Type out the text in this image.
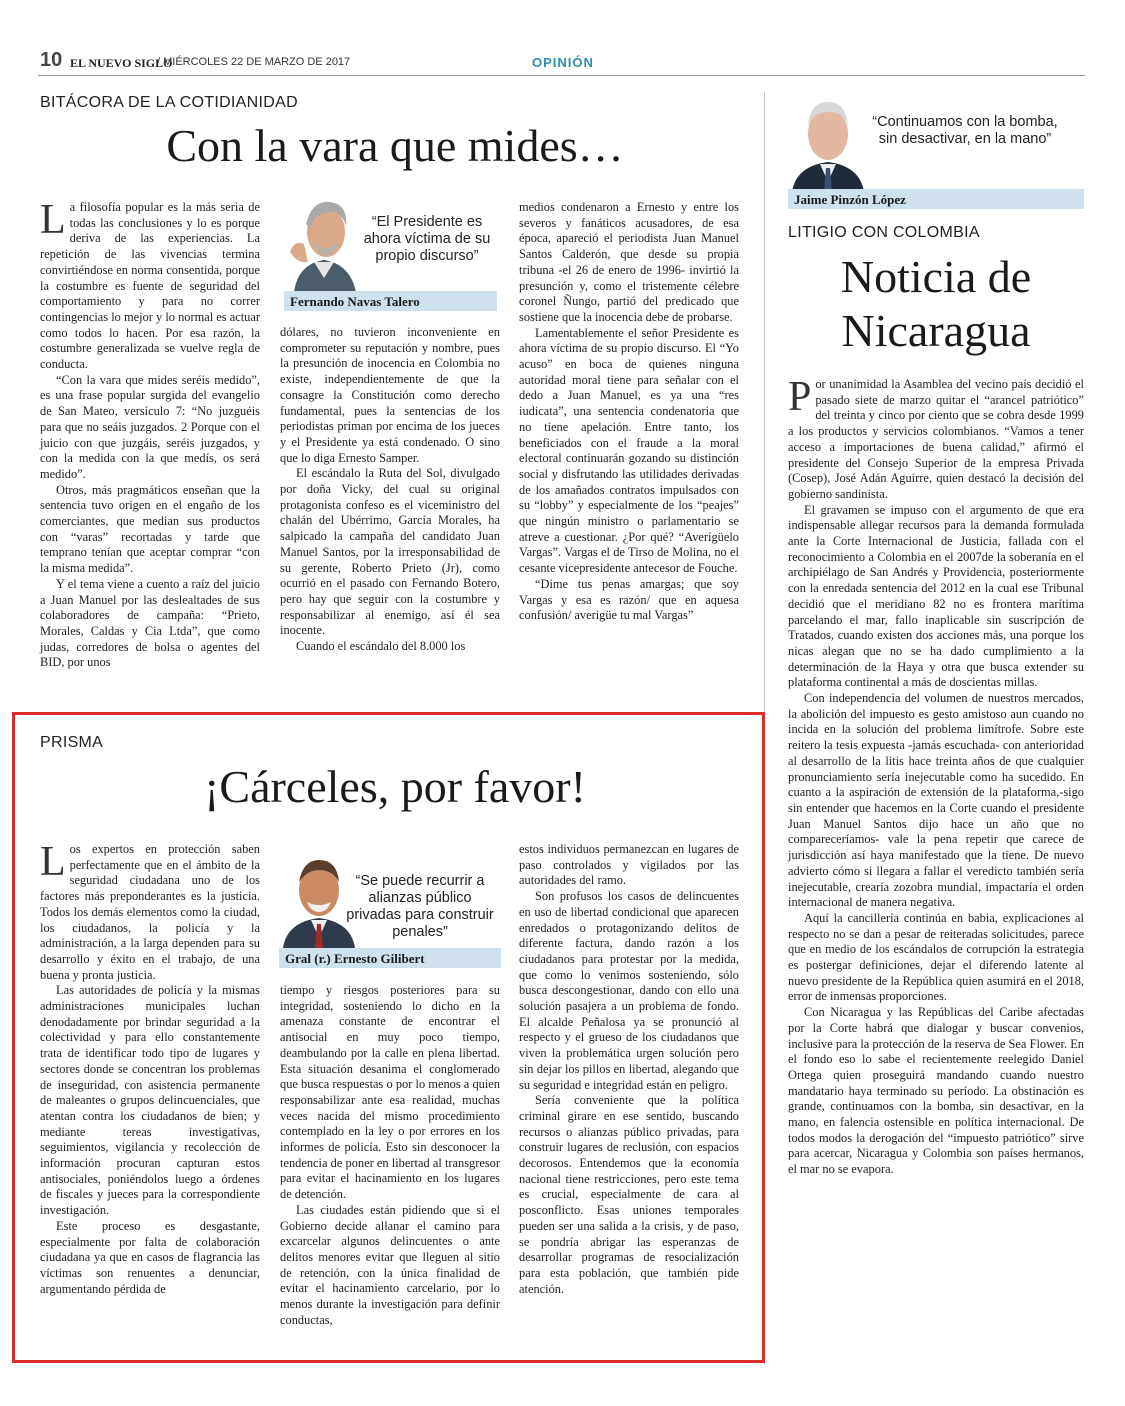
10 EL NUEVO SIGLO
/ MIÉRCOLES 22 DE MARZO DE 2017	OPINIÓN
BITÁCORA DE LA COTIDIANIDAD
Con la vara que mides…

La filosofía popular es la más seria de todas las conclusiones y lo es porque deriva de las experiencias. La repetición de las vivencias termina convirtiéndose en norma consentida, porque la costumbre es fuente de seguridad del comportamiento y para no correr contingencias lo mejor y lo normal es actuar como todos lo hacen. Por esa razón, la costumbre generalizada se vuelve regla de conducta.

“Con la vara que mides seréis medido”, es una frase popular surgida del evangelio de San Mateo, versículo 7: “No juzguéis para que no seáis juzgados. 2 Porque con el juicio con que juzgáis, seréis juzgados, y con la medida con la que medís, os será medido”.

Otros, más pragmáticos enseñan que la sentencia tuvo origen en el engaño de los comerciantes, que median sus productos con “varas” recortadas y tarde que temprano tenían que aceptar comprar “con la misma medida”.

Y el tema viene a cuento a raíz del juicio a Juan Manuel por las deslealtades de sus colaboradores de campaña: “Prieto, Morales, Caldas y Cia Ltda”, que como judas, corredores de bolsa o agentes del BID, por unos

“El Presidente es ahora víctima de su propio discurso”
Fernando Navas Talero

dólares, no tuvieron inconveniente en comprometer su reputación y nombre, pues la presunción de inocencia en Colombia no existe, independientemente de que la consagre la Constitución como derecho fundamental, pues la sentencias de los periodistas priman por encima de los jueces y el Presidente ya está condenado. O sino que lo diga Ernesto Samper.

El escándalo la Ruta del Sol, divulgado por doña Vicky, del cual su original protagonista confeso es el viceministro del chalán del Ubérrimo, García Morales, ha salpicado la campaña del candidato Juan Manuel Santos, por la irresponsabilidad de su gerente, Roberto Prieto (Jr), como ocurrió en el pasado con Fernando Botero, pero hay que seguir con la costumbre y responsabilizar al enemigo, así él sea inocente.

Cuando el escándalo del 8.000 los

medios condenaron a Ernesto y entre los severos y fanáticos acusadores, de esa época, apareció el periodista Juan Manuel Santos Calderón, que desde su propia tribuna -el 26 de enero de 1996- invirtió la presunción y, como el tristemente célebre coronel Ñungo, partió del predicado que sostiene que la inocencia debe de probarse.

Lamentablemente el señor Presidente es ahora víctima de su propio discurso. El “Yo acuso” en boca de quienes ninguna autoridad moral tiene para señalar con el dedo a Juan Manuel, es ya una “res iudicata”, una sentencia condenatoria que no tiene apelación. Entre tanto, los beneficiados con el fraude a la moral electoral continuarán gozando su distinción social y disfrutando las utilidades derivadas de los amañados contratos impulsados con su “lobby” y especialmente de los “peajes” que ningún ministro o parlamentario se atreve a cuestionar. ¿Por qué? “Averígüelo Vargas”. Vargas el de Tirso de Molina, no el cesante vicepresidente antecesor de Fouche.

“Dime tus penas amargas; que soy Vargas y esa es razón/ que en aquesa confusión/ averigüe tu mal Vargas”

PRISMA
¡Cárceles, por favor!

Los expertos en protección saben perfectamente que en el ámbito de la seguridad ciudadana uno de los factores más preponderantes es la justicia. Todos los demás elementos como la ciudad, los ciudadanos, la policía y la administración, a la larga dependen para su desarrollo y éxito en el trabajo, de una buena y pronta justicia.

Las autoridades de policía y la mismas administraciones municipales luchan denodadamente por brindar seguridad a la colectividad y para ello constantemente trata de identificar todo tipo de lugares y sectores donde se concentran los problemas de inseguridad, con asistencia permanente de maleantes o grupos delincuenciales, que atentan contra los ciudadanos de bien; y mediante tereas investigativas, seguimientos, vigilancia y recolección de información procuran capturan estos antisociales, poniéndolos luego a órdenes de fiscales y jueces para la correspondiente investigación.

Este proceso es desgastante, especialmente por falta de colaboración ciudadana ya que en casos de flagrancia las víctimas son renuentes a denunciar, argumentando pérdida de

“Se puede recurrir a alianzas público privadas para construir penales”
Gral (r.) Ernesto Gilibert

tiempo y riesgos posteriores para su integridad, sosteniendo lo dicho en la amenaza constante de encontrar el antisocial en muy poco tiempo, deambulando por la calle en plena libertad. Esta situación desanima el conglomerado que busca respuestas o por lo menos a quien responsabilizar ante esa realidad, muchas veces nacida del mismo procedimiento contemplado en la ley o por errores en los informes de policía. Esto sin desconocer la tendencia de poner en libertad al transgresor para evitar el hacinamiento en los lugares de detención.

Las ciudades están pidiendo que si el Gobierno decide allanar el camino para excarcelar algunos delincuentes o ante delitos menores evitar que lleguen al sitio de retención, con la única finalidad de evitar el hacinamiento carcelario, por lo menos durante la investigación para definir conductas,

estos individuos permanezcan en lugares de paso controlados y vigilados por las autoridades del ramo.

Son profusos los casos de delincuentes en uso de libertad condicional que aparecen enredados o protagonizando delitos de diferente factura, dando razón a los ciudadanos para protestar por la medida, que como lo venimos sosteniendo, sólo busca descongestionar, dando con ello una solución pasajera a un problema de fondo. El alcalde Peñalosa ya se pronunció al respecto y el grueso de los ciudadanos que viven la problemática urgen solución pero sin dejar los pillos en libertad, alegando que su seguridad e integridad están en peligro.

Sería conveniente que la política criminal girare en ese sentido, buscando recursos o alianzas público privadas, para construir lugares de reclusión, con espacios decorosos. Entendemos que la economía nacional tiene restricciones, pero este tema es crucial, especialmente de cara al posconflicto. Esas uniones temporales pueden ser una salida a la crisis, y de paso, se pondría abrigar las esperanzas de desarrollar programas de resocialización para esta población, que también pide atención.

“Continuamos con la bomba, sin desactivar, en la mano”
Jaime Pinzón López
LITIGIO CON COLOMBIA
Noticia de
Nicaragua

Por unanimidad la Asamblea del vecino país decidió el pasado siete de marzo quitar el “arancel patriótico” del treinta y cinco por ciento que se cobra desde 1999 a los productos y servicios colombianos. “Vamos a tener acceso a importaciones de buena calidad,” afirmó el presidente del Consejo Superior de la empresa Privada (Cosep), José Adán Aguirre, quien destacó la decisión del gobierno sandinista.

El gravamen se impuso con el argumento de que era indispensable allegar recursos para la demanda formulada ante la Corte Internacional de Justicia, fallada con el reconocimiento a Colombia en el 2007de la soberanía en el archipiélago de San Andrés y Providencia, posteriormente con la enredada sentencia del 2012 en la cual ese Tribunal decidió que el meridiano 82 no es frontera marítima parcelando el mar, fallo inaplicable sin suscripción de Tratados, cuando existen dos acciones más, una porque los nicas alegan que no se ha dado cumplimiento a la determinación de la Haya y otra que busca extender su plataforma continental a más de doscientas millas.

Con independencia del volumen de nuestros mercados, la abolición del impuesto es gesto amistoso aun cuando no incida en la solución del problema limítrofe. Sobre este reitero la tesis expuesta -jamás escuchada- con anterioridad al desarrollo de la litis hace treinta años de que cualquier pronunciamiento sería inejecutable como ha sucedido. En cuanto a la aspiración de extensión de la plataforma,-sigo sin entender que hacemos en la Corte cuando el presidente Juan Manuel Santos dijo hace un año que no compareceríamos- vale la pena repetir que carece de jurisdicción así haya manifestado que la tiene. De nuevo advierto cómo si llegara a fallar el veredicto también sería inejecutable, crearía zozobra mundial, impactaría el orden internacional de manera negativa.

Aquí la cancillería continúa en babia, explicaciones al respecto no se dan a pesar de reiteradas solicitudes, parece que en medio de los escándalos de corrupción la estrategia es postergar definiciones, dejar el diferendo latente al nuevo presidente de la República quien asumirá en el 2018, error de inmensas proporciones.

Con Nicaragua y las Repúblicas del Caribe afectadas por la Corte habrá que dialogar y buscar convenios, inclusive para la protección de la reserva de Sea Flower. En el fondo eso lo sabe el recientemente reelegido Daniel Ortega quien proseguirá mandando cuando nuestro mandatario haya terminado su período. La obstinación es grande, continuamos con la bomba, sin desactivar, en la mano, en falencia ostensible en política internacional. De todos modos la derogación del “impuesto patriótico” sirve para acercar, Nicaragua y Colombia son países hermanos, el mar no se evapora.
